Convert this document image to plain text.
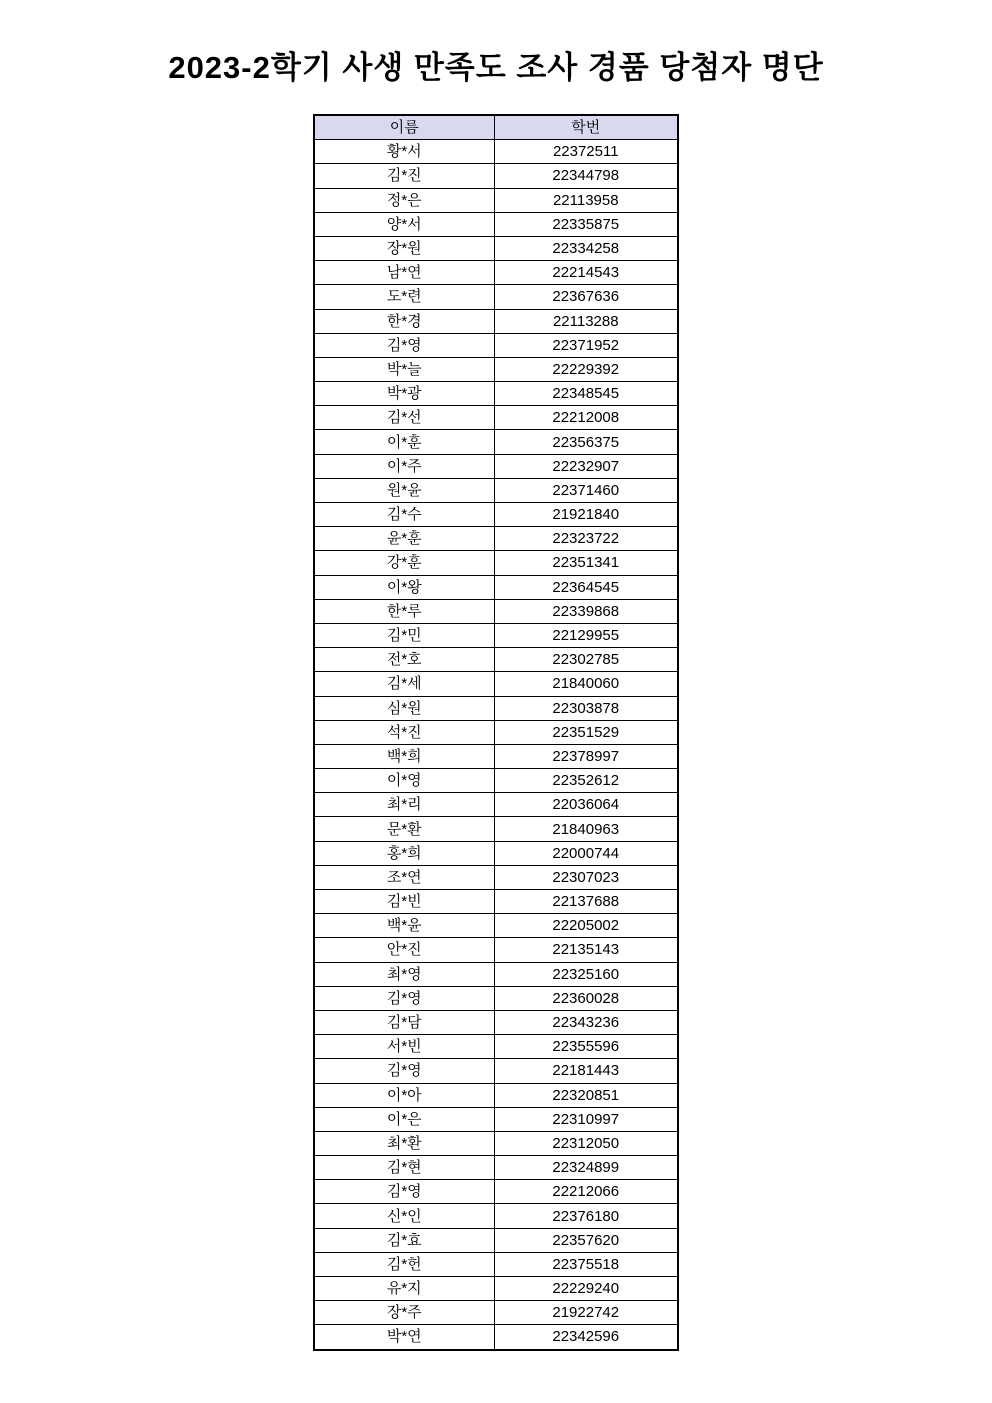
2023-2학기 사생 만족도 조사 경품 당첨자 명단
이름	학번
황*서	22372511
김*진	22344798
정*은	22113958
양*서	22335875
장*원	22334258
남*연	22214543
도*련	22367636
한*경	22113288
김*영	22371952
박*늘	22229392
박*광	22348545
김*선	22212008
이*훈	22356375
이*주	22232907
원*윤	22371460
김*수	21921840
윤*훈	22323722
강*훈	22351341
이*왕	22364545
한*루	22339868
김*민	22129955
전*호	22302785
김*세	21840060
심*원	22303878
석*진	22351529
백*희	22378997
이*영	22352612
최*리	22036064
문*환	21840963
홍*희	22000744
조*연	22307023
김*빈	22137688
백*윤	22205002
안*진	22135143
최*영	22325160
김*영	22360028
김*담	22343236
서*빈	22355596
김*영	22181443
이*아	22320851
이*은	22310997
최*환	22312050
김*현	22324899
김*영	22212066
신*인	22376180
김*효	22357620
김*헌	22375518
유*지	22229240
장*주	21922742
박*연	22342596
